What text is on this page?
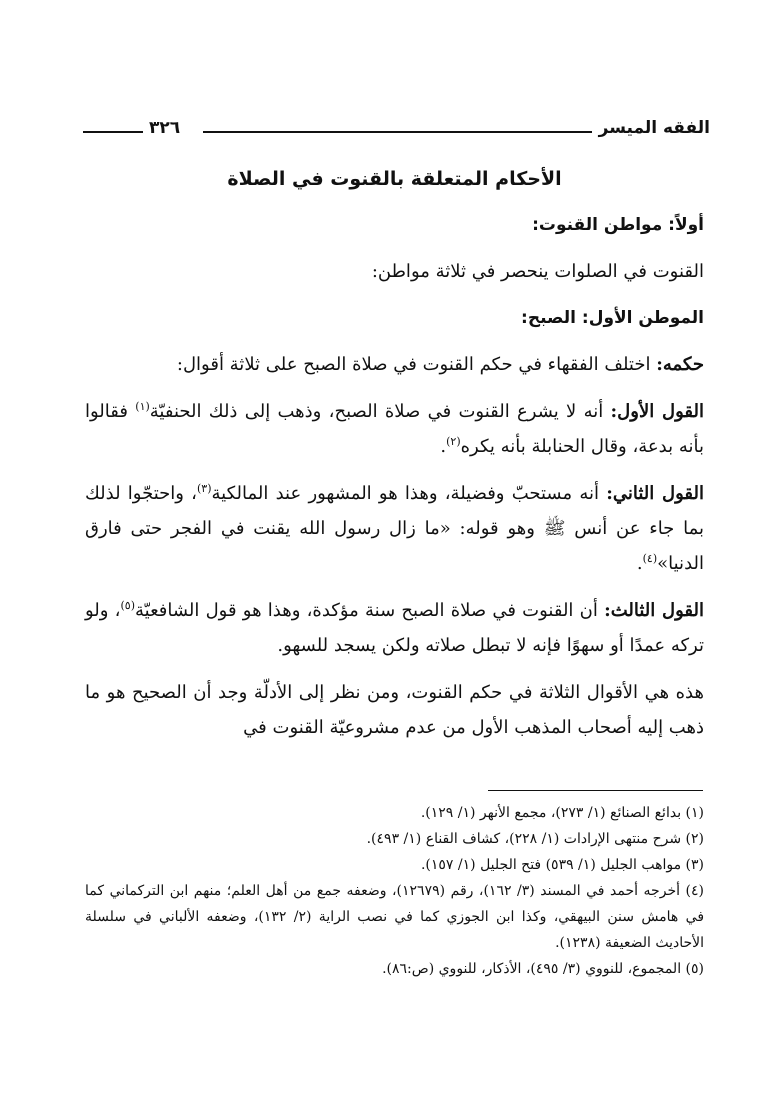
الفقه الميسر
٣٢٦
الأحكام المتعلقة بالقنوت في الصلاة
أولاً: مواطن القنوت:

القنوت في الصلوات ينحصر في ثلاثة مواطن:

الموطن الأول: الصبح:

حكمه: اختلف الفقهاء في حكم القنوت في صلاة الصبح على ثلاثة أقوال:

القول الأول: أنه لا يشرع القنوت في صلاة الصبح، وذهب إلى ذلك الحنفيّة$^{(١)}$ فقالوا بأنه بدعة، وقال الحنابلة بأنه يكره$^{(٢)}$.

القول الثاني: أنه مستحبّ وفضيلة، وهذا هو المشهور عند المالكية$^{(٣)}$، واحتجّوا لذلك بما جاء عن أنس ﷺ وهو قوله: «ما زال رسول الله يقنت في الفجر حتى فارق الدنيا»$^{(٤)}$.

القول الثالث: أن القنوت في صلاة الصبح سنة مؤكدة، وهذا هو قول الشافعيّة$^{(٥)}$، ولو تركه عمدًا أو سهوًا فإنه لا تبطل صلاته ولكن يسجد للسهو.

هذه هي الأقوال الثلاثة في حكم القنوت، ومن نظر إلى الأدلّة وجد أن الصحيح هو ما ذهب إليه أصحاب المذهب الأول من عدم مشروعيّة القنوت في

(١) بدائع الصنائع (١/ ٢٧٣)، مجمع الأنهر (١/ ١٢٩).
(٢) شرح منتهى الإرادات (١/ ٢٢٨)، كشاف القناع (١/ ٤٩٣).
(٣) مواهب الجليل (١/ ٥٣٩) فتح الجليل (١/ ١٥٧).
(٤) أخرجه أحمد في المسند (٣/ ١٦٢)، رقم (١٢٦٧٩)، وضعفه جمع من أهل العلم؛ منهم ابن التركماني كما في هامش سنن البيهقي، وكذا ابن الجوزي كما في نصب الراية (٢/ ١٣٢)، وضعفه الألباني في سلسلة الأحاديث الضعيفة (١٢٣٨).
(٥) المجموع، للنووي (٣/ ٤٩٥)، الأذكار، للنووي (ص:٨٦).
